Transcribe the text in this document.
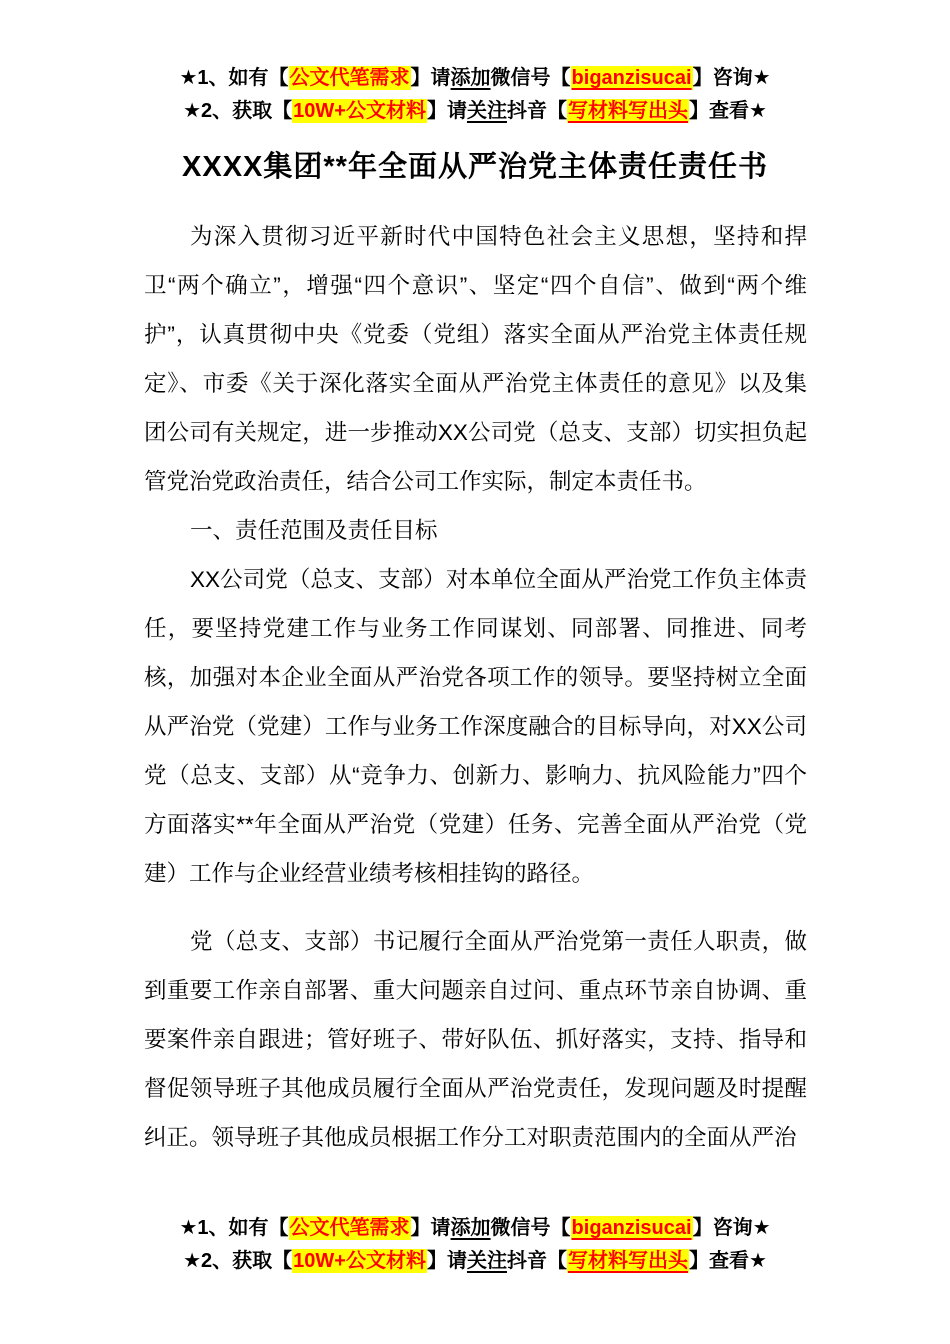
★1、如有【公文代笔需求】请添加微信号【biganzisucai】咨询★
★2、获取【10W+公文材料】请关注抖音【写材料写出头】查看★
XXXX集团**年全面从严治党主体责任责任书

为深入贯彻习近平新时代中国特色社会主义思想，坚持和捍卫“两个确立”，增强“四个意识”、坚定“四个自信”、做到“两个维护”，认真贯彻中央《党委（党组）落实全面从严治党主体责任规定》、市委《关于深化落实全面从严治党主体责任的意见》以及集团公司有关规定，进一步推动XX公司党（总支、支部）切实担负起管党治党政治责任，结合公司工作实际，制定本责任书。

一、责任范围及责任目标

XX公司党（总支、支部）对本单位全面从严治党工作负主体责任，要坚持党建工作与业务工作同谋划、同部署、同推进、同考核，加强对本企业全面从严治党各项工作的领导。要坚持树立全面从严治党（党建）工作与业务工作深度融合的目标导向，对XX公司党（总支、支部）从“竞争力、创新力、影响力、抗风险能力”四个方面落实**年全面从严治党（党建）任务、完善全面从严治党（党建）工作与企业经营业绩考核相挂钩的路径。

党（总支、支部）书记履行全面从严治党第一责任人职责，做到重要工作亲自部署、重大问题亲自过问、重点环节亲自协调、重要案件亲自跟进；管好班子、带好队伍、抓好落实，支持、指导和督促领导班子其他成员履行全面从严治党责任，发现问题及时提醒纠正。领导班子其他成员根据工作分工对职责范围内的全面从严治

★1、如有【公文代笔需求】请添加微信号【biganzisucai】咨询★
★2、获取【10W+公文材料】请关注抖音【写材料写出头】查看★
